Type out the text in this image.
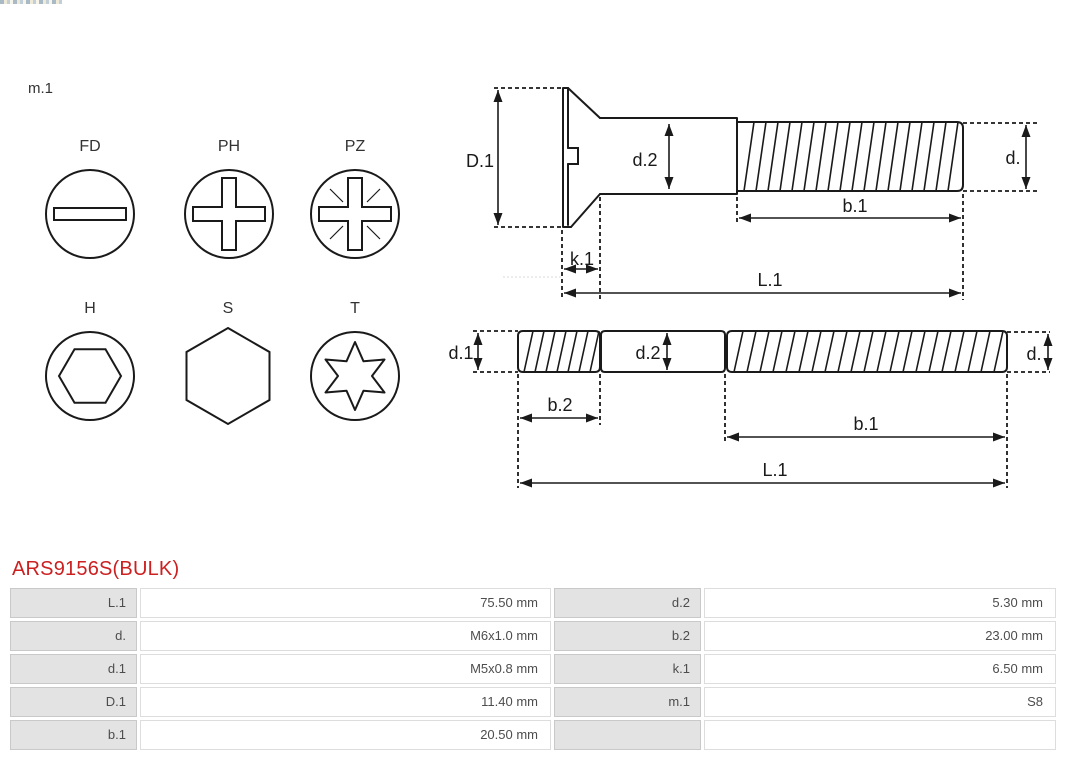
m.1
FD	PH	PZ
H	S	T
D.1	d.2	d.
b.1
k.1
L.1
d.1	d.2	d.
b.2
b.1
L.1
ARS9156S(BULK)
L.1	75.50 mm	d.2	5.30 mm
d.	M6x1.0 mm	b.2	23.00 mm
d.1	M5x0.8 mm	k.1	6.50 mm
D.1	11.40 mm	m.1	S8
b.1	20.50 mm
